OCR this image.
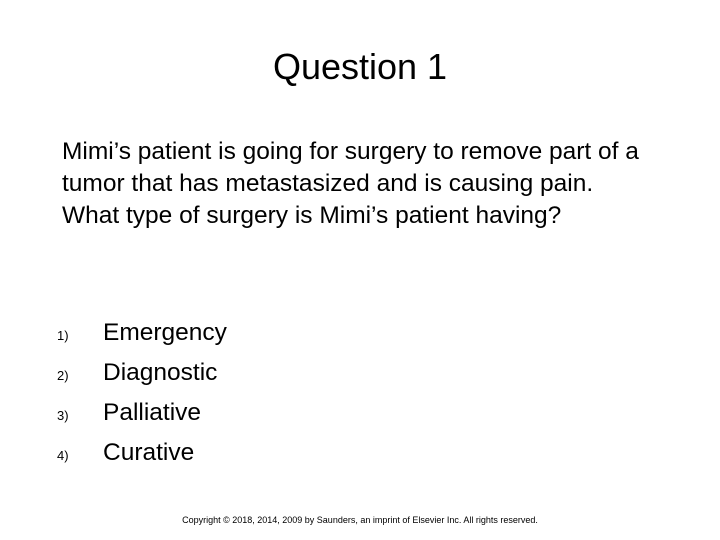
Question 1

Mimi’s patient is going for surgery to remove part of a tumor that has metastasized and is causing pain. What type of surgery is Mimi’s patient having?

1)	Emergency
2)	Diagnostic
3)	Palliative
4)	Curative

Copyright © 2018, 2014, 2009 by Saunders, an imprint of Elsevier Inc. All rights reserved.
